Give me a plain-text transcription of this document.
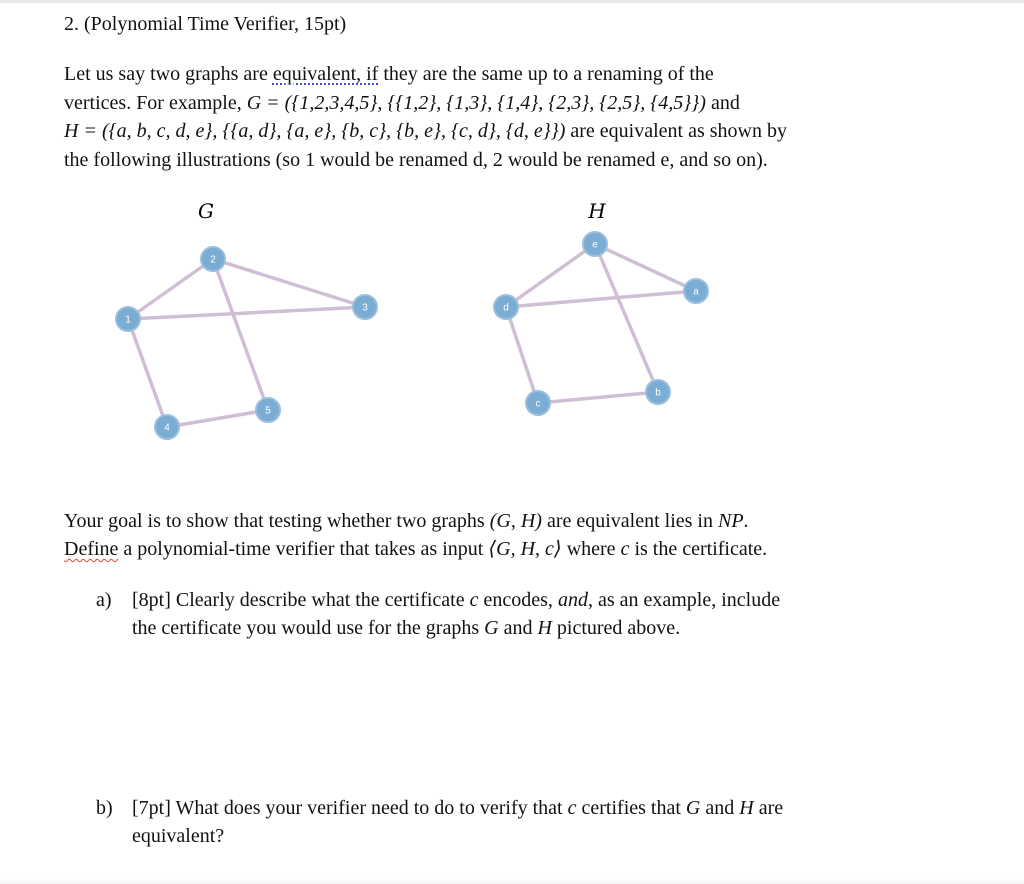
2. (Polynomial Time Verifier, 15pt)
Let us say two graphs are equivalent, if they are the same up to a renaming of the
vertices. For example, G = ({1,2,3,4,5}, {{1,2}, {1,3}, {1,4}, {2,3}, {2,5}, {4,5}}) and
H = ({a, b, c, d, e}, {{a, d}, {a, e}, {b, c}, {b, e}, {c, d}, {d, e}}) are equivalent as shown by
the following illustrations (so 1 would be renamed d, 2 would be renamed e, and so on).
G	H
1
2
3
4
5
a
b
c
d
e
Your goal is to show that testing whether two graphs (G, H) are equivalent lies in NP.
Define a polynomial-time verifier that takes as input ⟨G, H, c⟩ where c is the certificate.
a) [8pt] Clearly describe what the certificate c encodes, and, as an example, include
the certificate you would use for the graphs G and H pictured above.
b) [7pt] What does your verifier need to do to verify that c certifies that G and H are
equivalent?
